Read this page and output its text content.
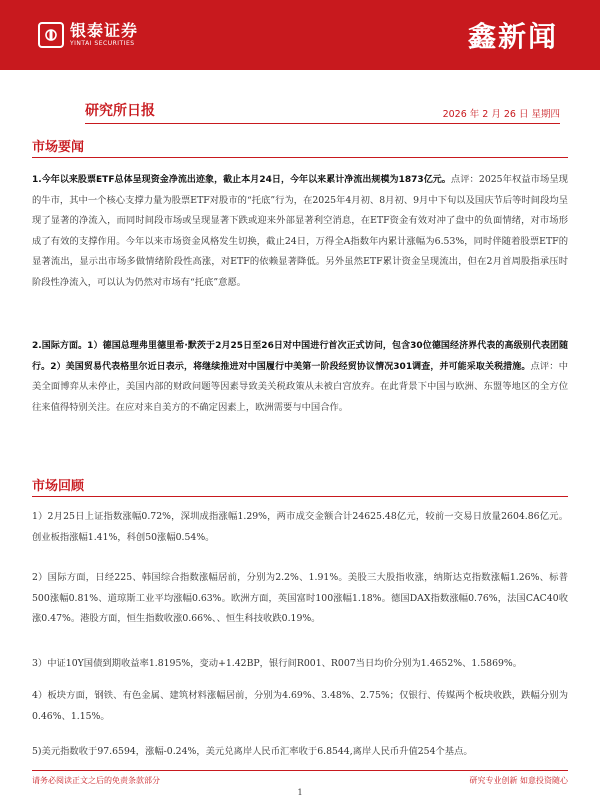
银泰证券
YINTAI SECURITIES	鑫新闻
研究所日报	2026 年 2 月 26 日 星期四
市场要闻
1.今年以来股票ETF总体呈现资金净流出迹象，截止本月24日，今年以来累计净流出规模为1873亿元。点评：2025年权益市场呈现的牛市，其中一个核心支撑力量为股票ETF对股市的“托底”行为，在2025年4月初、8月初、9月中下旬以及国庆节后等时间段均呈现了显著的净流入，而同时间段市场或呈现显著下跌或迎来外部显著利空消息，在ETF资金有效对冲了盘中的负面情绪，对市场形成了有效的支撑作用。今年以来市场资金风格发生切换，截止24日，万得全A指数年内累计涨幅为6.53%，同时伴随着股票ETF的显著流出，显示出市场多做情绪阶段性高涨，对ETF的依赖显著降低。另外虽然ETF累计资金呈现流出，但在2月首周股指承压时阶段性净流入，可以认为仍然对市场有“托底”意愿。
2.国际方面。1）德国总理弗里德里希·默茨于2月25日至26日对中国进行首次正式访问，包含30位德国经济界代表的高级别代表团随行。2）美国贸易代表格里尔近日表示，将继续推进对中国履行中美第一阶段经贸协议情况301调查，并可能采取关税措施。点评：中美全面博弈从未停止，美国内部的财政问题等因素导致美关税政策从未被白宫放弃。在此背景下中国与欧洲、东盟等地区的全方位往来值得特别关注。在应对来自美方的不确定因素上，欧洲需要与中国合作。
市场回顾
1）2月25日上证指数涨幅0.72%，深圳成指涨幅1.29%，两市成交金额合计24625.48亿元，较前一交易日放量2604.86亿元。创业板指涨幅1.41%，科创50涨幅0.54%。
2）国际方面，日经225、韩国综合指数涨幅居前，分别为2.2%、1.91%。美股三大股指收涨，纳斯达克指数涨幅1.26%、标普500涨幅0.81%、道琼斯工业平均涨幅0.63%。欧洲方面，英国富时100涨幅1.18%。德国DAX指数涨幅0.76%，法国CAC40收涨0.47%。港股方面，恒生指数收涨0.66%、、恒生科技收跌0.19%。
3）中证10Y国债到期收益率1.8195%，变动+1.42BP，银行间R001、R007当日均价分别为1.4652%、1.5869%。
4）板块方面，钢铁、有色金属、建筑材料涨幅居前，分别为4.69%、3.48%、2.75%；仅银行、传媒两个板块收跌，跌幅分别为0.46%、1.15%。
5)美元指数收于97.6594，涨幅-0.24%，美元兑离岸人民币汇率收于6.8544,离岸人民币升值254个基点。
请务必阅读正文之后的免责条款部分	研究专业创新 如意投资随心
1
